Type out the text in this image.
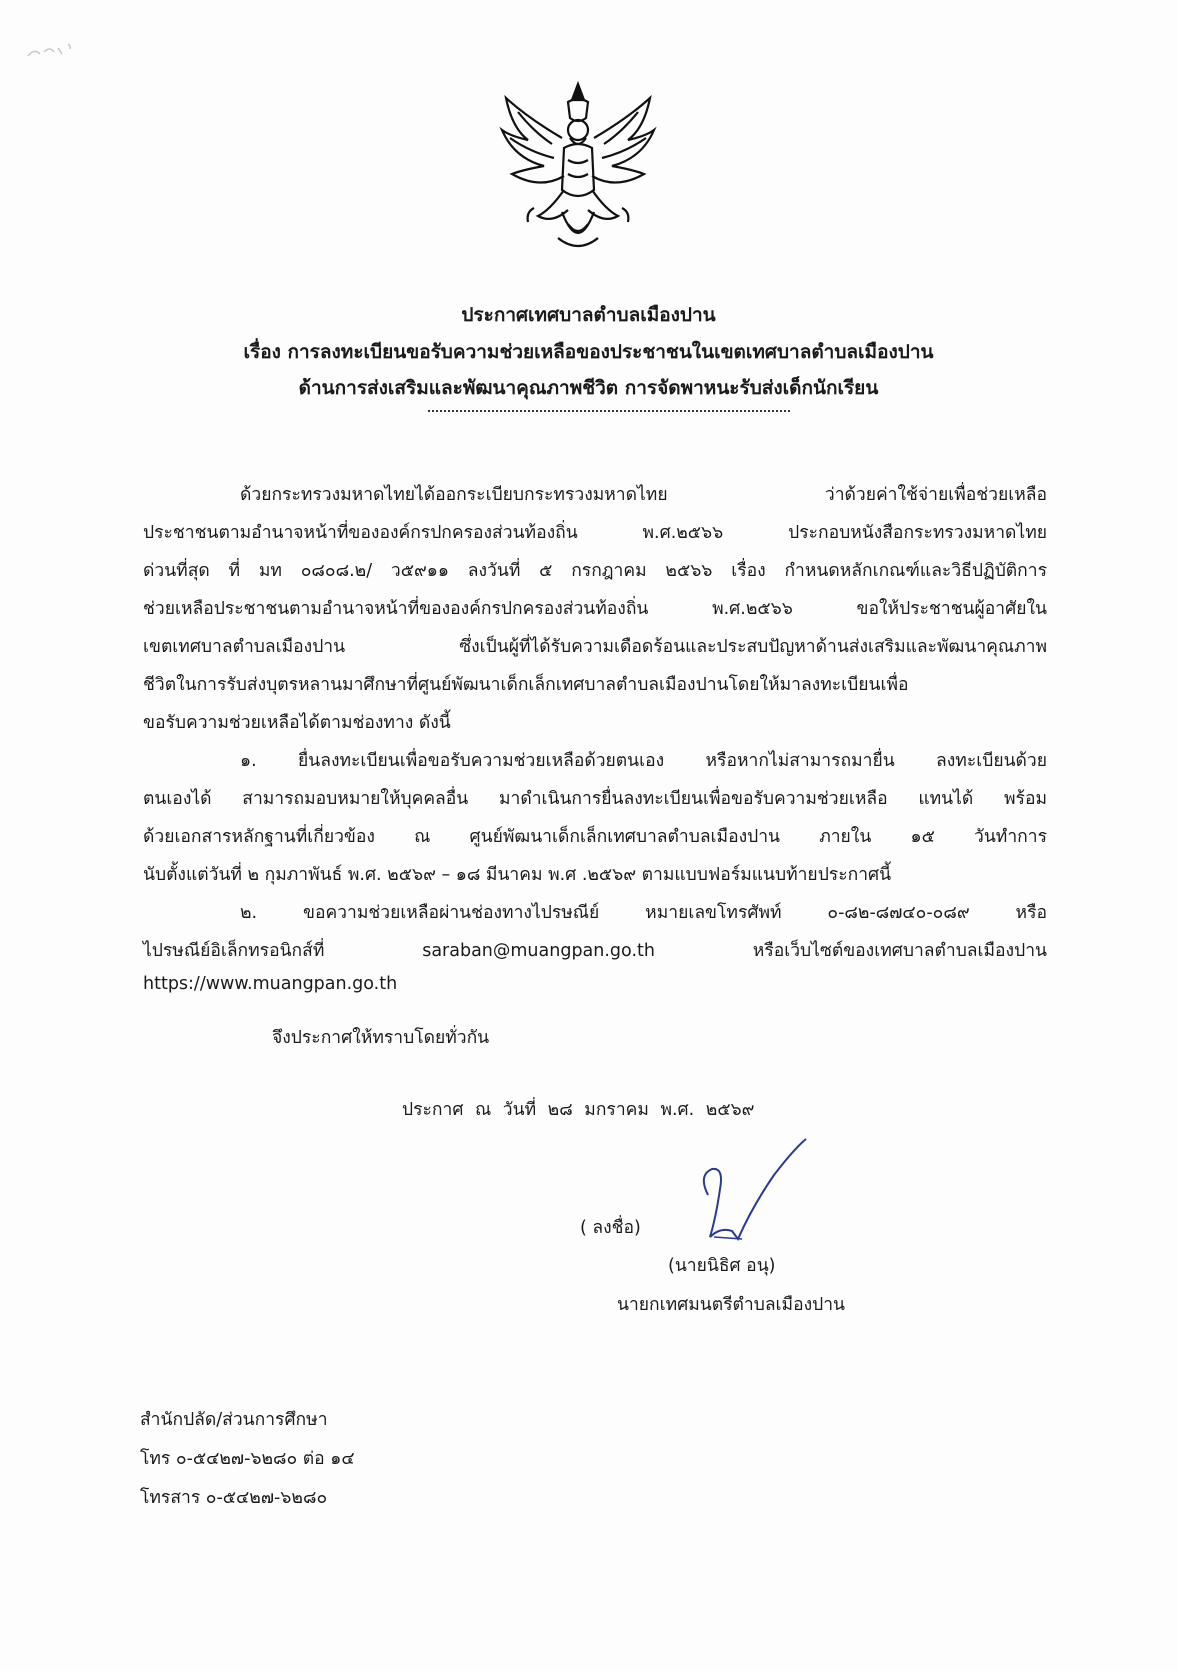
ประกาศเทศบาลตำบลเมืองปาน
เรื่อง การลงทะเบียนขอรับความช่วยเหลือของประชาชนในเขตเทศบาลตำบลเมืองปาน
ด้านการส่งเสริมและพัฒนาคุณภาพชีวิต การจัดพาหนะรับส่งเด็กนักเรียน
ด้วยกระทรวงมหาดไทยได้ออกระเบียบกระทรวงมหาดไทย ว่าด้วยค่าใช้จ่ายเพื่อช่วยเหลือ
ประชาชนตามอำนาจหน้าที่ขององค์กรปกครองส่วนท้องถิ่น พ.ศ.๒๕๖๖ ประกอบหนังสือกระทรวงมหาดไทย
ด่วนที่สุด ที่ มท ๐๘๐๘.๒/ ว๕๙๑๑ ลงวันที่ ๕ กรกฎาคม ๒๕๖๖ เรื่อง กำหนดหลักเกณฑ์และวิธีปฏิบัติการ
ช่วยเหลือประชาชนตามอำนาจหน้าที่ขององค์กรปกครองส่วนท้องถิ่น พ.ศ.๒๕๖๖ ขอให้ประชาชนผู้อาศัยใน
เขตเทศบาลตำบลเมืองปาน ซึ่งเป็นผู้ที่ได้รับความเดือดร้อนและประสบปัญหาด้านส่งเสริมและพัฒนาคุณภาพ
ชีวิตในการรับส่งบุตรหลานมาศึกษาที่ศูนย์พัฒนาเด็กเล็กเทศบาลตำบลเมืองปานโดยให้มาลงทะเบียนเพื่อ
ขอรับความช่วยเหลือได้ตามช่องทาง ดังนี้
๑. ยื่นลงทะเบียนเพื่อขอรับความช่วยเหลือด้วยตนเอง หรือหากไม่สามารถมายื่น ลงทะเบียนด้วย
ตนเองได้ สามารถมอบหมายให้บุคคลอื่น มาดำเนินการยื่นลงทะเบียนเพื่อขอรับความช่วยเหลือ แทนได้ พร้อม
ด้วยเอกสารหลักฐานที่เกี่ยวข้อง ณ ศูนย์พัฒนาเด็กเล็กเทศบาลตำบลเมืองปาน ภายใน ๑๕ วันทำการ
นับตั้งแต่วันที่ ๒ กุมภาพันธ์ พ.ศ. ๒๕๖๙ – ๑๘ มีนาคม พ.ศ .๒๕๖๙ ตามแบบฟอร์มแนบท้ายประกาศนี้
๒. ขอความช่วยเหลือผ่านช่องทางไปรษณีย์ หมายเลขโทรศัพท์ ๐-๘๒-๘๗๔๐-๐๘๙ หรือ
ไปรษณีย์อิเล็กทรอนิกส์ที่ saraban@muangpan.go.th หรือเว็บไซต์ของเทศบาลตำบลเมืองปาน
https://www.muangpan.go.th
จึงประกาศให้ทราบโดยทั่วกัน
ประกาศ ณ วันที่ ๒๘ มกราคม พ.ศ. ๒๕๖๙
( ลงชื่อ)
(นายนิธิศ อนุ)
นายกเทศมนตรีตำบลเมืองปาน
สำนักปลัด/ส่วนการศึกษา
โทร ๐-๕๔๒๗-๖๒๘๐ ต่อ ๑๔
โทรสาร ๐-๕๔๒๗-๖๒๘๐
